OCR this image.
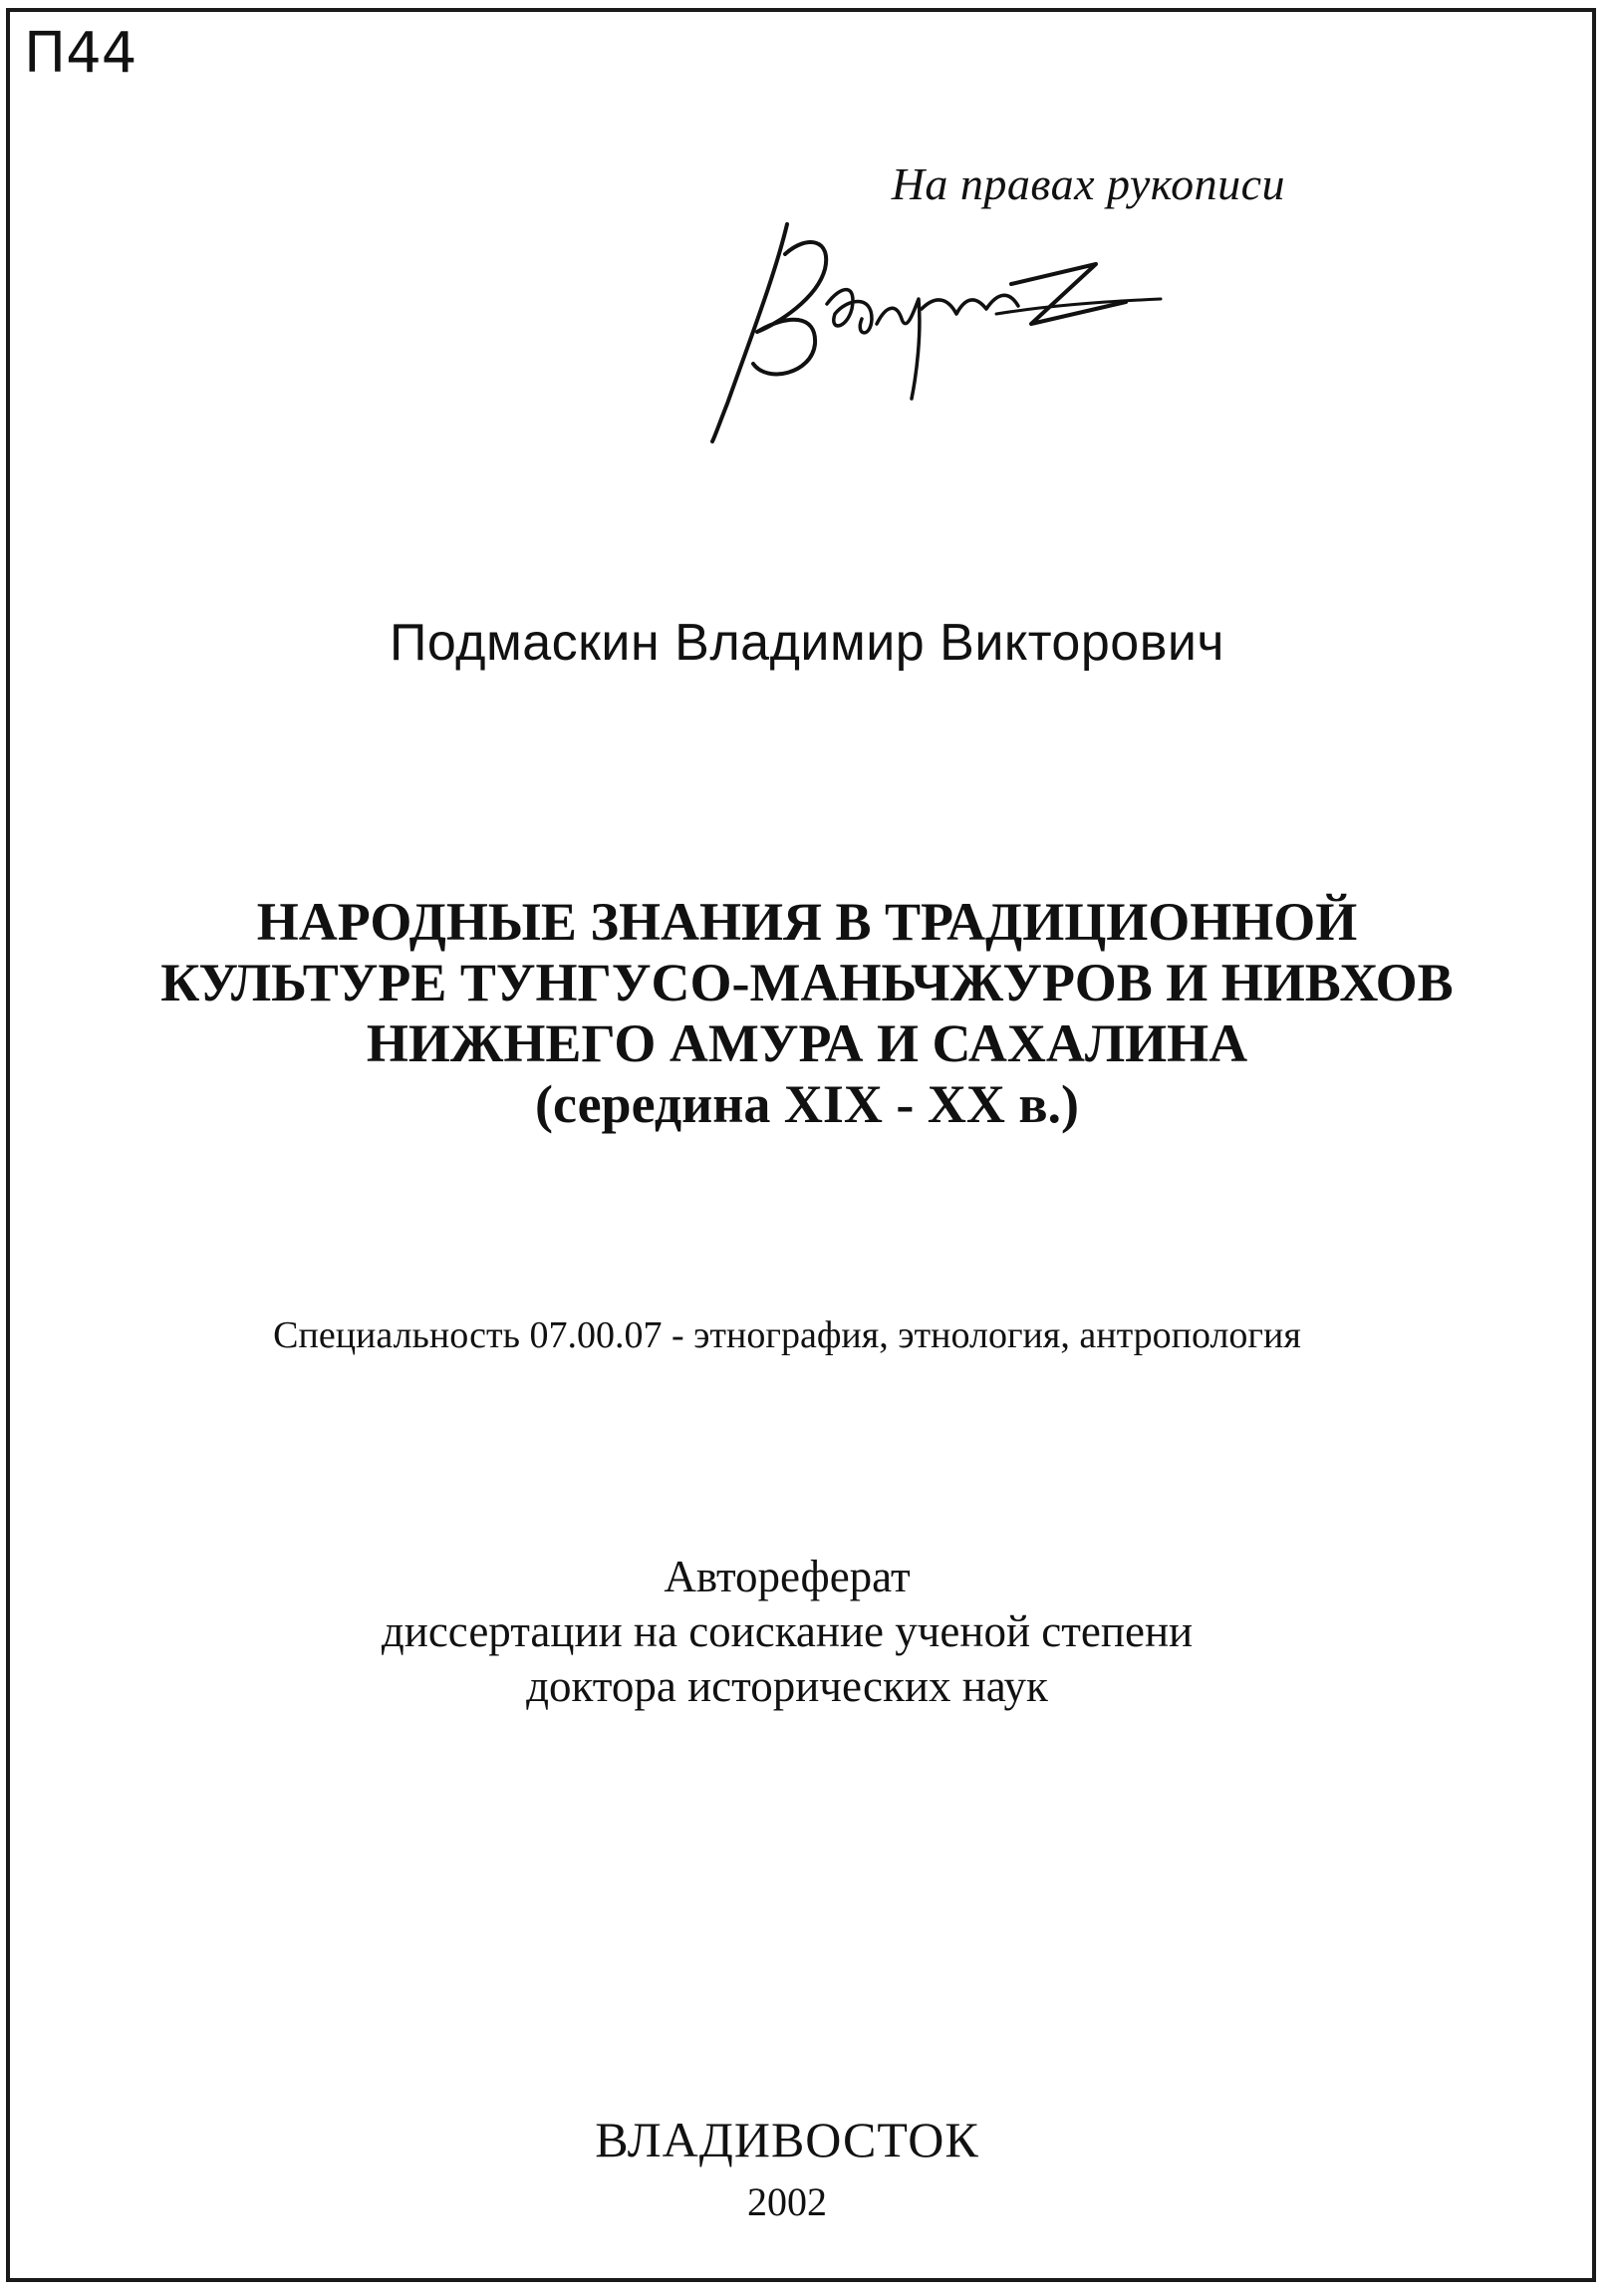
П44
На правах рукописи
Подмаскин Владимир Викторович
НАРОДНЫЕ ЗНАНИЯ В ТРАДИЦИОННОЙ
КУЛЬТУРЕ ТУНГУСО-МАНЬЧЖУРОВ И НИВХОВ
НИЖНЕГО АМУРА И САХАЛИНА
(середина XIX - XX в.)
Специальность 07.00.07 - этнография, этнология, антропология
Автореферат
диссертации на соискание ученой степени
доктора исторических наук
ВЛАДИВОСТОК
2002
